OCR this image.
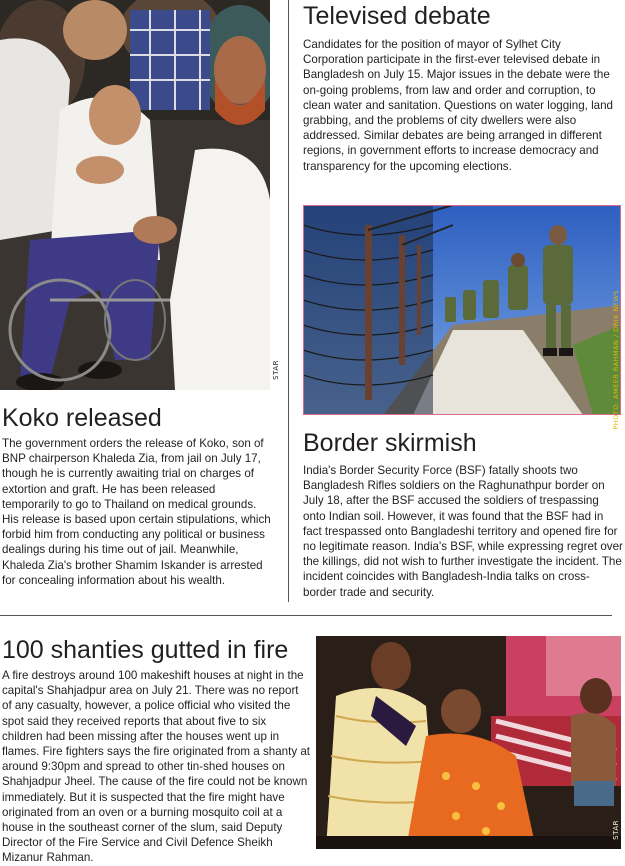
STAR
Koko released

The government orders the release of Koko, son of BNP chairperson Khaleda Zia, from jail on July 17, though he is currently awaiting trial on charges of extortion and graft. He has been released temporarily to go to Thailand on medical grounds. His release is based upon certain stipulations, which forbid him from conducting any political or business dealings during his time out of jail. Meanwhile, Khaleda Zia's brother Shamim Iskander is arrested for concealing information about his wealth.

Televised debate

Candidates for the position of mayor of Sylhet City Corporation participate in the first-ever televised debate in Bangladesh on July 15. Major issues in the debate were the on-going problems, from law and order and corruption, to clean water and sanitation. Questions on water logging, land grabbing, and the problems of city dwellers were also addressed. Similar debates are being arranged in different regions, in government efforts to increase democracy and transparency for the upcoming elections.

PHOTO: AMEER RAHMAN / DRIK NEWS
Border skirmish

India's Border Security Force (BSF) fatally shoots two Bangladesh Rifles soldiers on the Raghunathpur border on July 18, after the BSF accused the soldiers of trespassing onto Indian soil. However, it was found that the BSF had in fact trespassed onto Bangladeshi territory and opened fire for no legitimate reason. India's BSF, while expressing regret over the killings, did not wish to further investigate the incident. The incident coincides with Bangladesh-India talks on cross-border trade and security.

100 shanties gutted in fire

A fire destroys around 100 makeshift houses at night in the capital's Shahjadpur area on July 21. There was no report of any casualty, however, a police official who visited the spot said they received reports that about five to six children had been missing after the houses went up in flames. Fire fighters says the fire originated from a shanty at around 9:30pm and spread to other tin-shed houses on Shahjadpur Jheel. The cause of the fire could not be known immediately. But it is suspected that the fire might have originated from an oven or a burning mosquito coil at a house in the southeast corner of the slum, said Deputy Director of the Fire Service and Civil Defence Sheikh Mizanur Rahman.

STAR
